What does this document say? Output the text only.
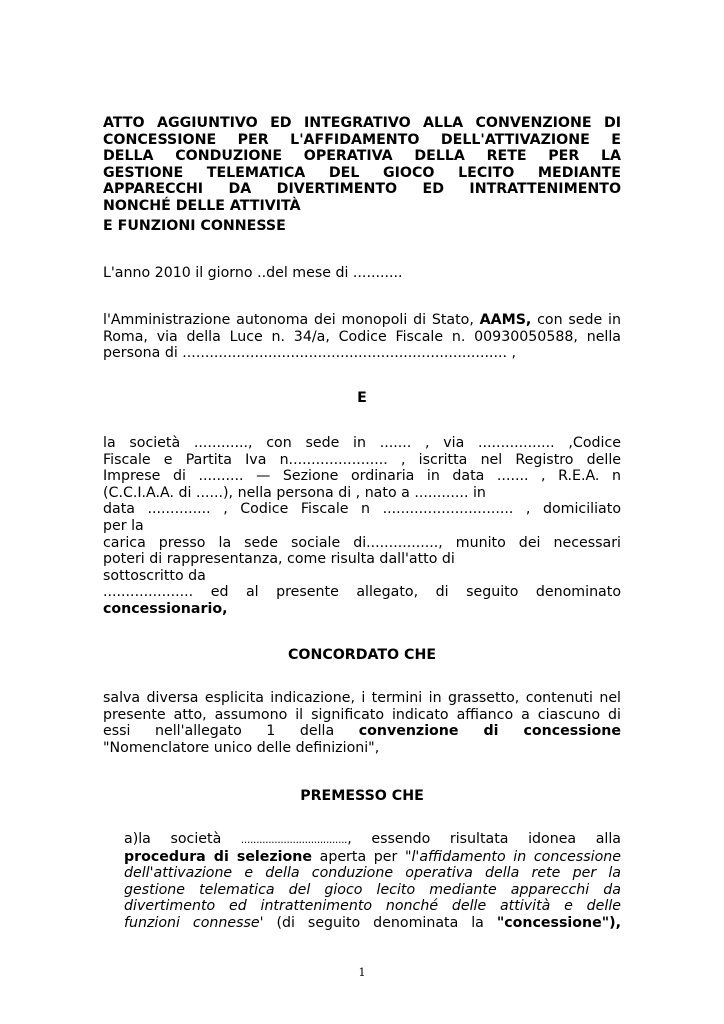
ATTO AGGIUNTIVO ED INTEGRATIVO ALLA CONVENZIONE DI
CONCESSIONE PER L'AFFIDAMENTO DELL'ATTIVAZIONE E
DELLA CONDUZIONE OPERATIVA DELLA RETE PER LA
GESTIONE TELEMATICA DEL GIOCO LECITO MEDIANTE
APPARECCHI DA DIVERTIMENTO ED INTRATTENIMENTO
NONCHÉ DELLE ATTIVITÀ
E FUNZIONI CONNESSE
L'anno 2010 il giorno ..del mese di ...........
l'Amministrazione autonoma dei monopoli di Stato, AAMS, con sede in Roma, via della Luce n. 34/a, Codice Fiscale n. 00930050588, nella persona di ........................................................................ ,
E
la società ............, con sede in ....... , via ................. ,Codice
Fiscale e Partita Iva n...................... , iscritta nel Registro delle
Imprese di .......... — Sezione ordinaria in data ....... , R.E.A. n
(C.C.I.A.A. di ......), nella persona di , nato a ............ in
data .............. , Codice Fiscale n ............................. , domiciliato
per la
carica presso la sede sociale di................, munito dei necessari
poteri di rappresentanza, come risulta dall'atto di
sottoscritto da
.................... ed al presente allegato, di seguito denominato
concessionario,
CONCORDATO CHE
salva diversa esplicita indicazione, i termini in grassetto, contenuti nel
presente atto, assumono il significato indicato affianco a ciascuno di
essi nell'allegato 1 della convenzione di concessione
"Nomenclatore unico delle definizioni",
PREMESSO CHE
a)la società ..................................., essendo risultata idonea alla
procedura di selezione aperta per "l'affidamento in concessione
dell'attivazione e della conduzione operativa della rete per la
gestione telematica del gioco lecito mediante apparecchi da
divertimento ed intrattenimento nonché delle attività e delle
funzioni connesse' (di seguito denominata la "concessione"),
1
